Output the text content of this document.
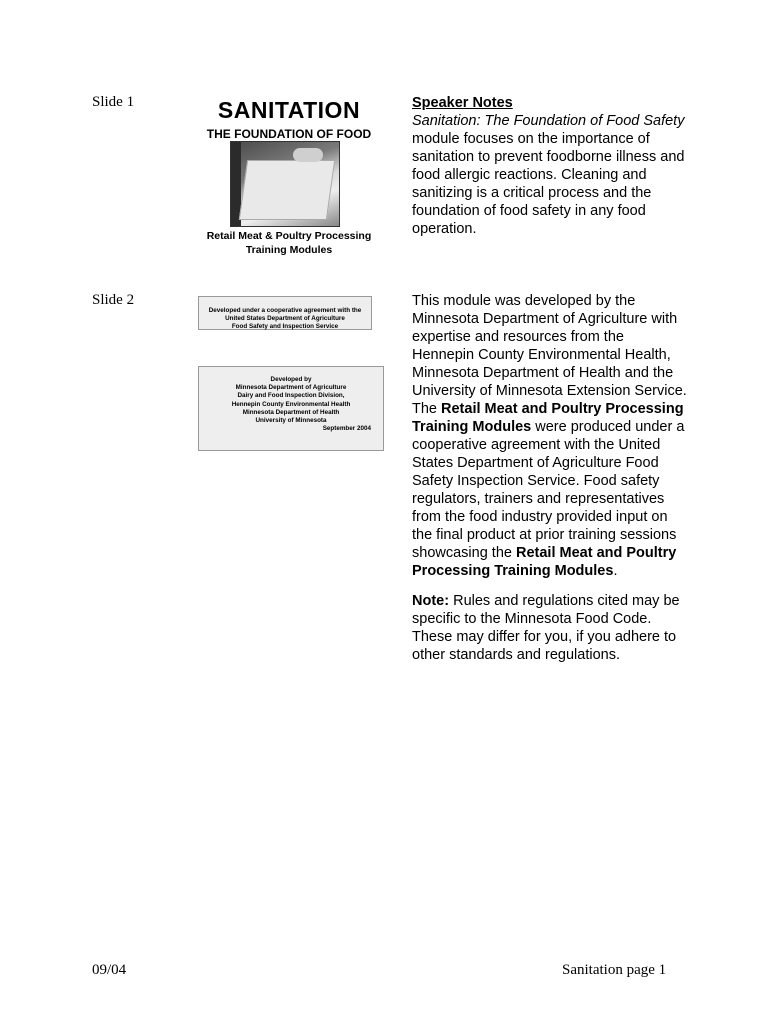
Slide 1	SANITATION
THE FOUNDATION OF FOOD
Retail Meat & Poultry Processing
Training Modules
Slide 2
Developed under a cooperative agreement with the
United States Department of Agriculture
Food Safety and Inspection Service
Developed by
Minnesota Department of Agriculture
Dairy and Food Inspection Division,
Hennepin County Environmental Health
Minnesota Department of Health
University of Minnesota
September 2004

Speaker Notes

Sanitation: The Foundation of Food Safety module focuses on the importance of sanitation to prevent foodborne illness and food allergic reactions. Cleaning and sanitizing is a critical process and the foundation of food safety in any food operation.

This module was developed by the Minnesota Department of Agriculture with expertise and resources from the Hennepin County Environmental Health, Minnesota Department of Health and the University of Minnesota Extension Service. The Retail Meat and Poultry Processing Training Modules were produced under a cooperative agreement with the United States Department of Agriculture Food Safety Inspection Service. Food safety regulators, trainers and representatives from the food industry provided input on the final product at prior training sessions showcasing the Retail Meat and Poultry Processing Training Modules.

Note: Rules and regulations cited may be specific to the Minnesota Food Code. These may differ for you, if you adhere to other standards and regulations.

09/04	Sanitation page 1
